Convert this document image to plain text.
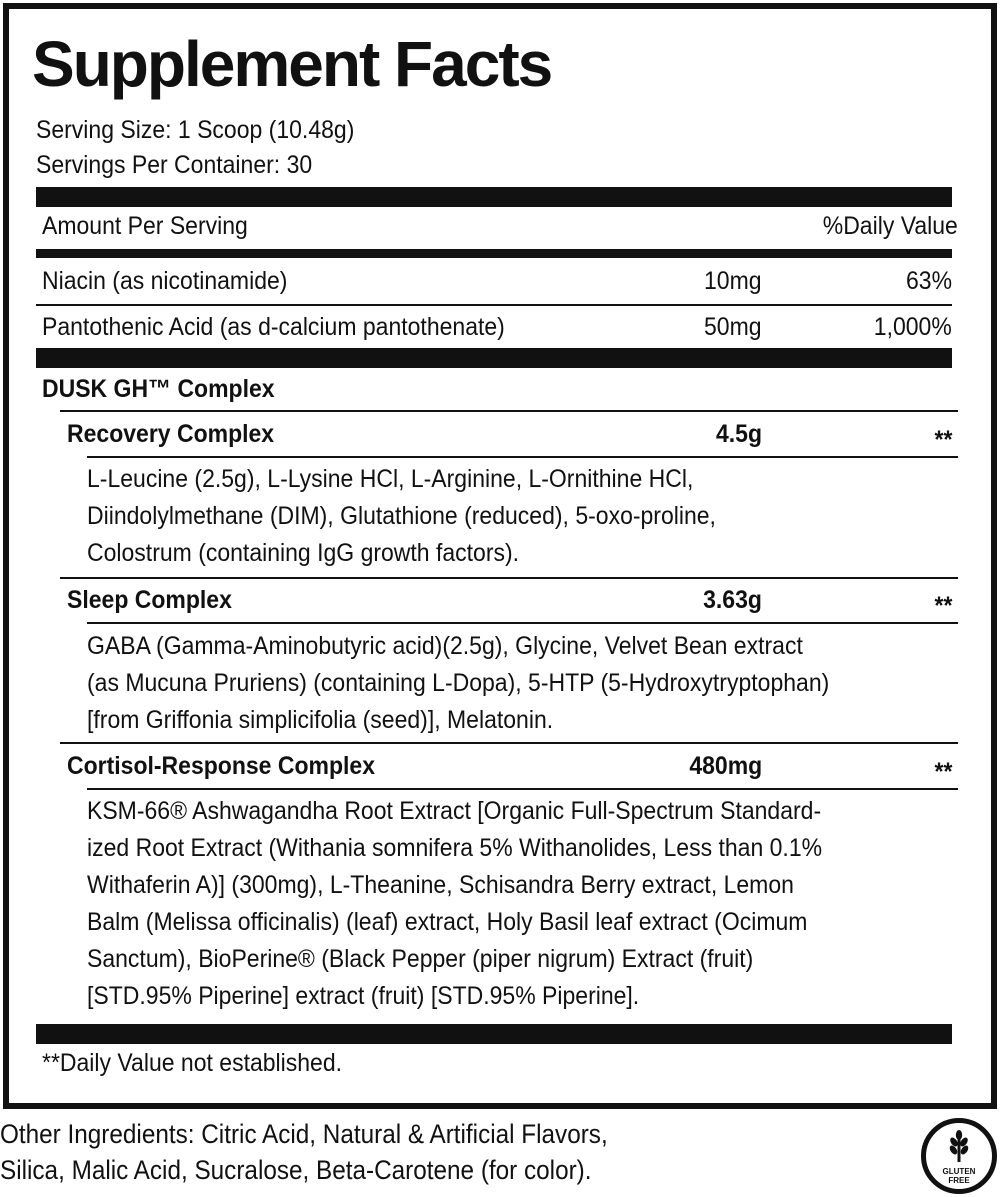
Supplement Facts
Serving Size: 1 Scoop (10.48g)
Servings Per Container: 30
Amount Per Serving	%Daily Value
Niacin (as nicotinamide)	10mg	63%
Pantothenic Acid (as d-calcium pantothenate)	50mg	1,000%
DUSK GH™ Complex
Recovery Complex	4.5g	**
L-Leucine (2.5g), L-Lysine HCl, L-Arginine, L-Ornithine HCl,
Diindolylmethane (DIM), Glutathione (reduced), 5-oxo-proline,
Colostrum (containing IgG growth factors).
Sleep Complex	3.63g	**
GABA (Gamma-Aminobutyric acid)(2.5g), Glycine, Velvet Bean extract
(as Mucuna Pruriens) (containing L-Dopa), 5-HTP (5-Hydroxytryptophan)
[from Griffonia simplicifolia (seed)], Melatonin.
Cortisol-Response Complex	480mg	**
KSM-66® Ashwagandha Root Extract [Organic Full-Spectrum Standard-
ized Root Extract (Withania somnifera 5% Withanolides, Less than 0.1%
Withaferin A)] (300mg), L-Theanine, Schisandra Berry extract, Lemon
Balm (Melissa officinalis) (leaf) extract, Holy Basil leaf extract (Ocimum
Sanctum), BioPerine® (Black Pepper (piper nigrum) Extract (fruit)
[STD.95% Piperine] extract (fruit) [STD.95% Piperine].
**Daily Value not established.
Other Ingredients: Citric Acid, Natural & Artificial Flavors,
Silica, Malic Acid, Sucralose, Beta-Carotene (for color).	GLUTEN
FREE
